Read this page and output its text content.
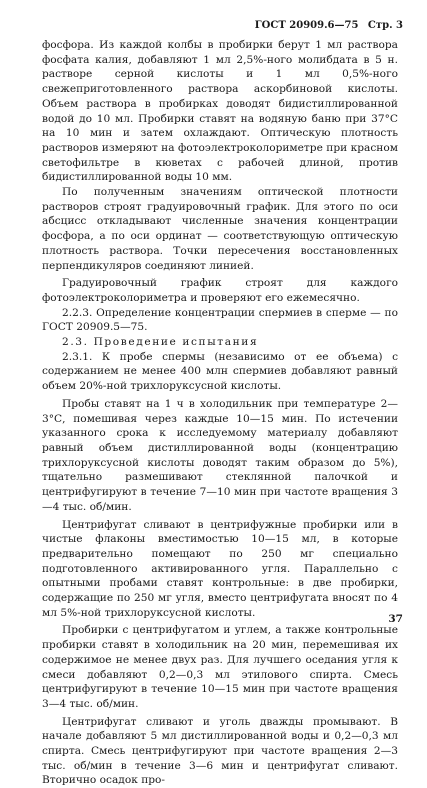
ГОСТ 20909.6—75 Стр. 3

фосфора. Из каждой колбы в пробирки берут 1 мл раствора фосфата калия, добавляют 1 мл 2,5%-ного молибдата в 5 н. растворе серной кислоты и 1 мл 0,5%-ного свежеприготовленного раствора аскорбиновой кислоты. Объем раствора в пробирках доводят бидистиллированной водой до 10 мл. Пробирки ставят на водяную баню при 37°С на 10 мин и затем охлаждают. Оптическую плотность растворов измеряют на фотоэлектроколориметре при красном светофильтре в кюветах с рабочей длиной, против бидистиллированной воды 10 мм.

По полученным значениям оптической плотности растворов строят градуировочный график. Для этого по оси абсцисс откладывают численные значения концентрации фосфора, а по оси ординат — соответствующую оптическую плотность раствора. Точки пересечения восстановленных перпендикуляров соединяют линией.

Градуировочный график строят для каждого фотоэлектроколориметра и проверяют его ежемесячно.

2.2.3. Определение концентрации спермиев в сперме — по ГОСТ 20909.5—75.

2.3. Проведение испытания

2.3.1. К пробе спермы (независимо от ее объема) с содержанием не менее 400 млн спермиев добавляют равный объем 20%-ной трихлоруксусной кислоты.

Пробы ставят на 1 ч в холодильник при температуре 2—3°С, помешивая через каждые 10—15 мин. По истечении указанного срока к исследуемому материалу добавляют равный объем дистиллированной воды (концентрацию трихлоруксусной кислоты доводят таким образом до 5%), тщательно размешивают стеклянной палочкой и центрифугируют в течение 7—10 мин при частоте вращения 3—4 тыс. об/мин.

Центрифугат сливают в центрифужные пробирки или в чистые флаконы вместимостью 10—15 мл, в которые предварительно помещают по 250 мг специально подготовленного активированного угля. Параллельно с опытными пробами ставят контрольные: в две пробирки, содержащие по 250 мг угля, вместо центрифугата вносят по 4 мл 5%-ной трихлоруксусной кислоты.

Пробирки с центрифугатом и углем, а также контрольные пробирки ставят в холодильник на 20 мин, перемешивая их содержимое не менее двух раз. Для лучшего оседания угля к смеси добавляют 0,2—0,3 мл этилового спирта. Смесь центрифугируют в течение 10—15 мин при частоте вращения 3—4 тыс. об/мин.

Центрифугат сливают и уголь дважды промывают. В начале добавляют 5 мл дистиллированной воды и 0,2—0,3 мл спирта. Смесь центрифугируют при частоте вращения 2—3 тыс. об/мин в течение 3—6 мин и центрифугат сливают. Вторично осадок про-

37
